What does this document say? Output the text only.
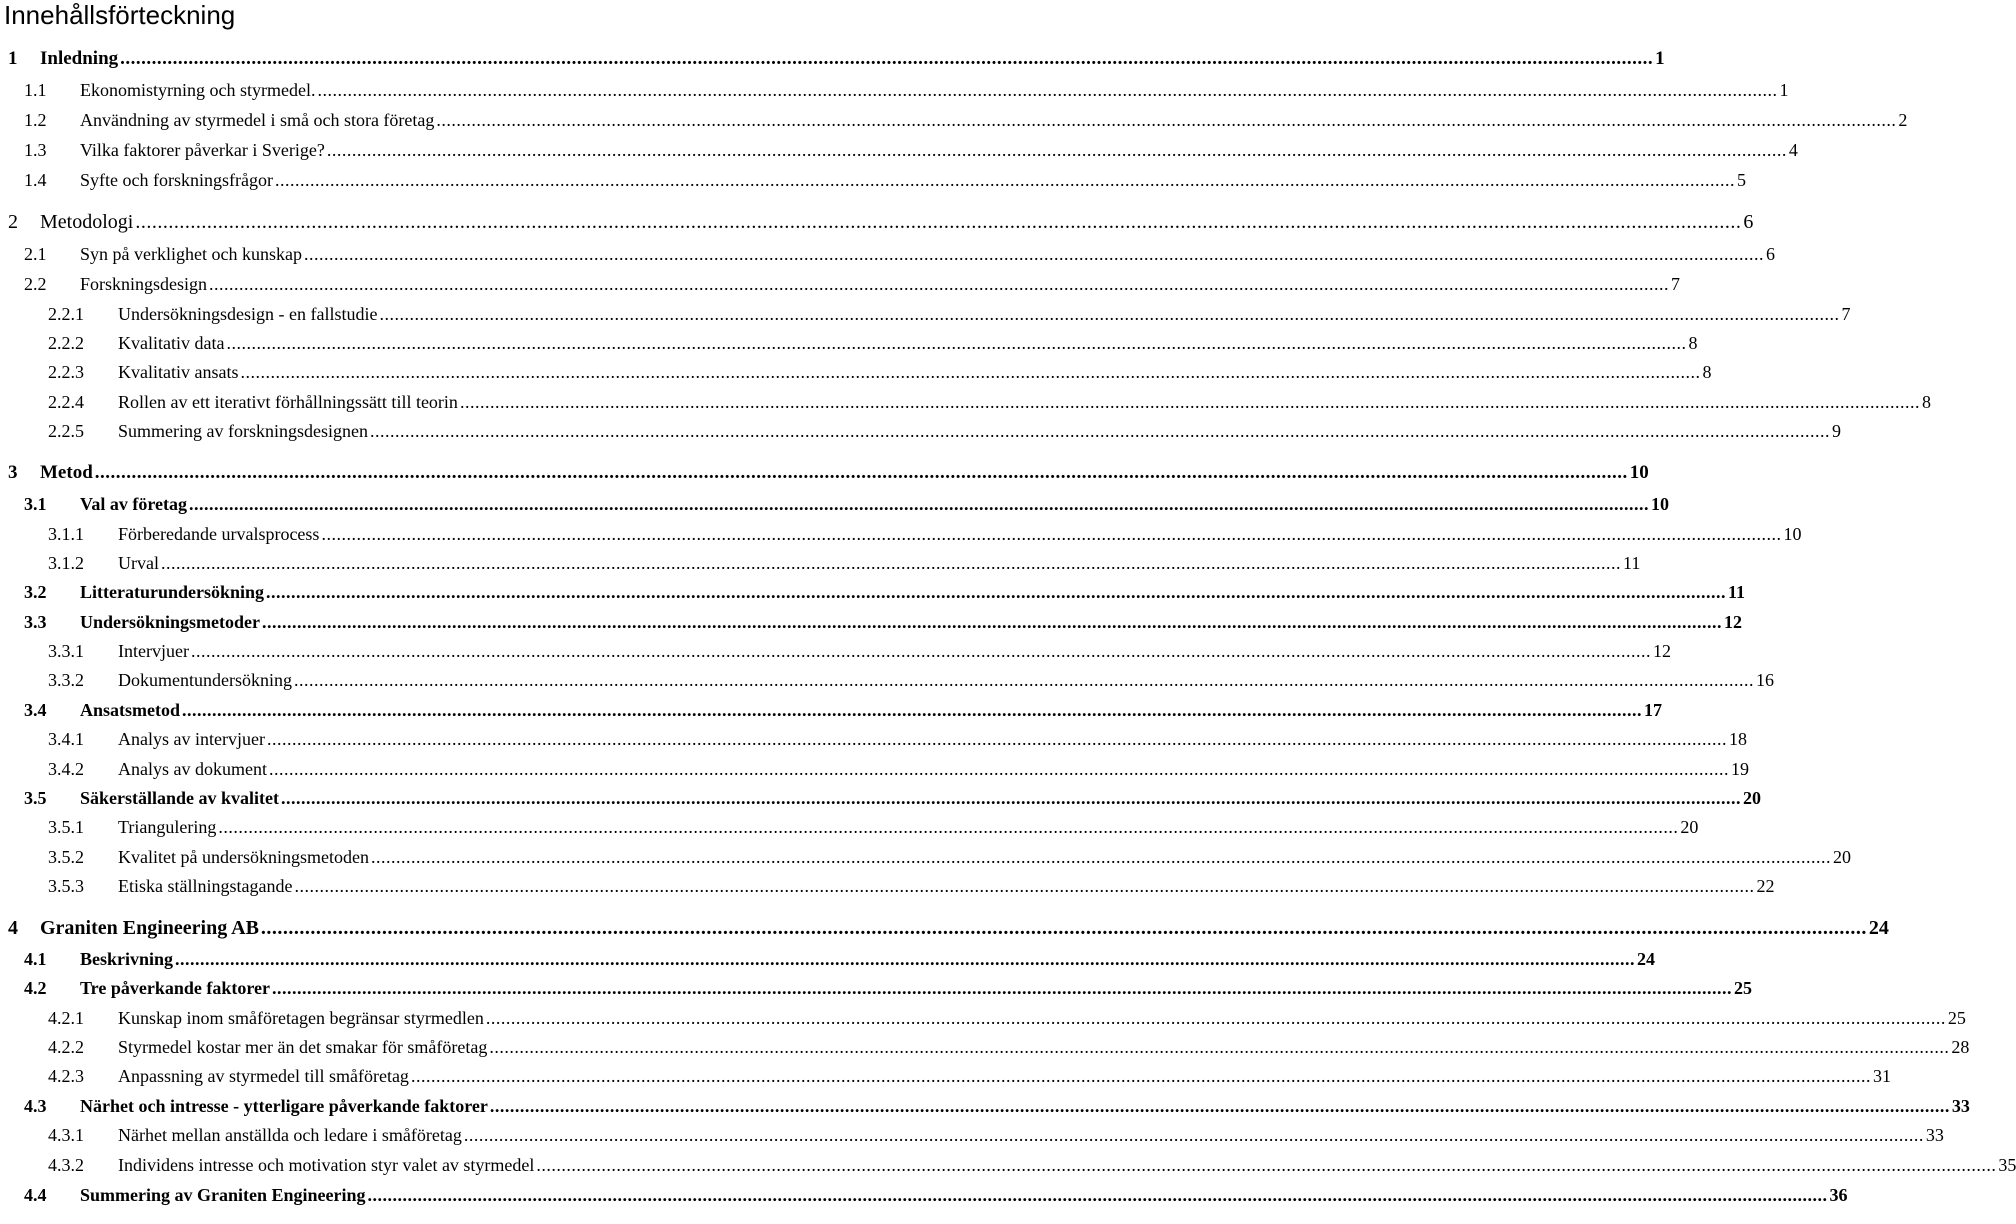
Innehållsförteckning
1 Inledning .....	1
1.1 Ekonomistyrning och styrmedel. .....	1
1.2 Användning av styrmedel i små och stora företag .....	2
1.3 Vilka faktorer påverkar i Sverige? .....	4
1.4 Syfte och forskningsfrågor .....	5
2 Metodologi .....	6
2.1 Syn på verklighet och kunskap .....	6
2.2 Forskningsdesign .....	7
2.2.1 Undersökningsdesign - en fallstudie .....	7
2.2.2 Kvalitativ data .....	8
2.2.3 Kvalitativ ansats .....	8
2.2.4 Rollen av ett iterativt förhållningssätt till teorin .....	8
2.2.5 Summering av forskningsdesignen .....	9
3 Metod .....	10
3.1 Val av företag .....	10
3.1.1 Förberedande urvalsprocess .....	10
3.1.2 Urval .....	11
3.2 Litteraturundersökning .....	11
3.3 Undersökningsmetoder .....	12
3.3.1 Intervjuer .....	12
3.3.2 Dokumentundersökning .....	16
3.4 Ansatsmetod .....	17
3.4.1 Analys av intervjuer .....	18
3.4.2 Analys av dokument .....	19
3.5 Säkerställande av kvalitet .....	20
3.5.1 Triangulering .....	20
3.5.2 Kvalitet på undersökningsmetoden .....	20
3.5.3 Etiska ställningstagande .....	22
4 Graniten Engineering AB .....	24
4.1 Beskrivning .....	24
4.2 Tre påverkande faktorer .....	25
4.2.1 Kunskap inom småföretagen begränsar styrmedlen .....	25
4.2.2 Styrmedel kostar mer än det smakar för småföretag .....	28
4.2.3 Anpassning av styrmedel till småföretag .....	31
4.3 Närhet och intresse - ytterligare påverkande faktorer .....	33
4.3.1 Närhet mellan anställda och ledare i småföretag .....	33
4.3.2 Individens intresse och motivation styr valet av styrmedel .....	35
4.4 Summering av Graniten Engineering .....	36
